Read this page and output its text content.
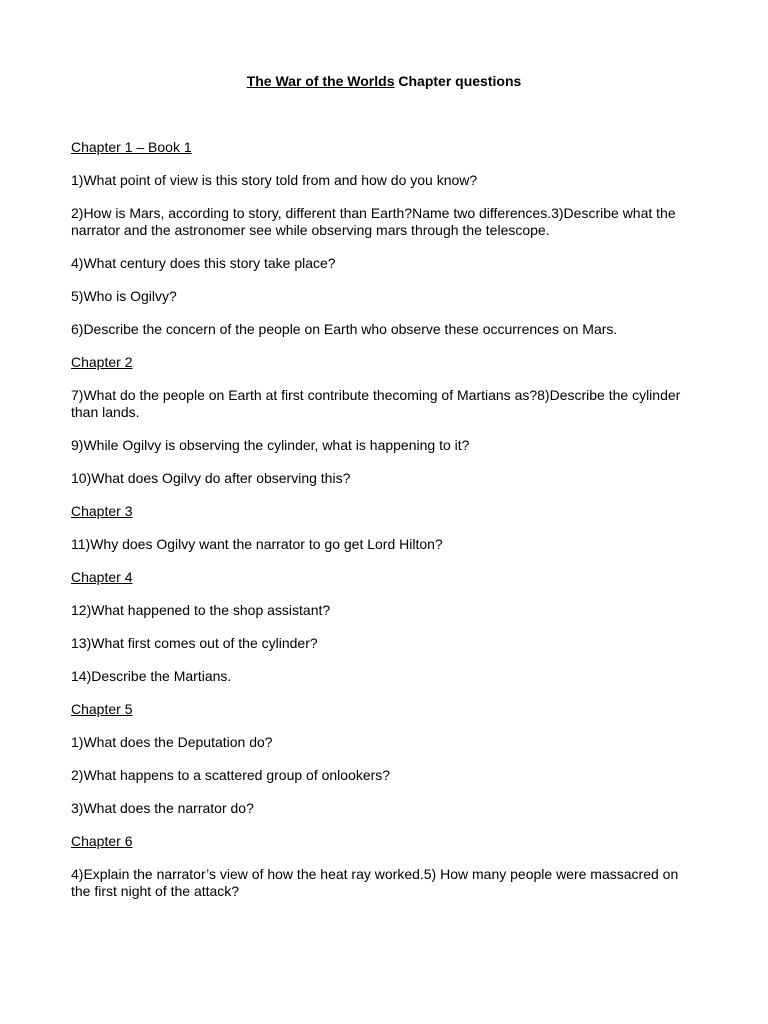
The War of the Worlds Chapter questions

Chapter 1 – Book 1

1)What point of view is this story told from and how do you know?

2)How is Mars, according to story, different than Earth?Name two differences.3)Describe what the narrator and the astronomer see while observing mars through the telescope.

4)What century does this story take place?

5)Who is Ogilvy?

6)Describe the concern of the people on Earth who observe these occurrences on Mars.

Chapter 2

7)What do the people on Earth at first contribute thecoming of Martians as?8)Describe the cylinder than lands.

9)While Ogilvy is observing the cylinder, what is happening to it?

10)What does Ogilvy do after observing this?

Chapter 3

11)Why does Ogilvy want the narrator to go get Lord Hilton?

Chapter 4

12)What happened to the shop assistant?

13)What first comes out of the cylinder?

14)Describe the Martians.

Chapter 5

1)What does the Deputation do?

2)What happens to a scattered group of onlookers?

3)What does the narrator do?

Chapter 6

4)Explain the narrator’s view of how the heat ray worked.5) How many people were massacred on the first night of the attack?
